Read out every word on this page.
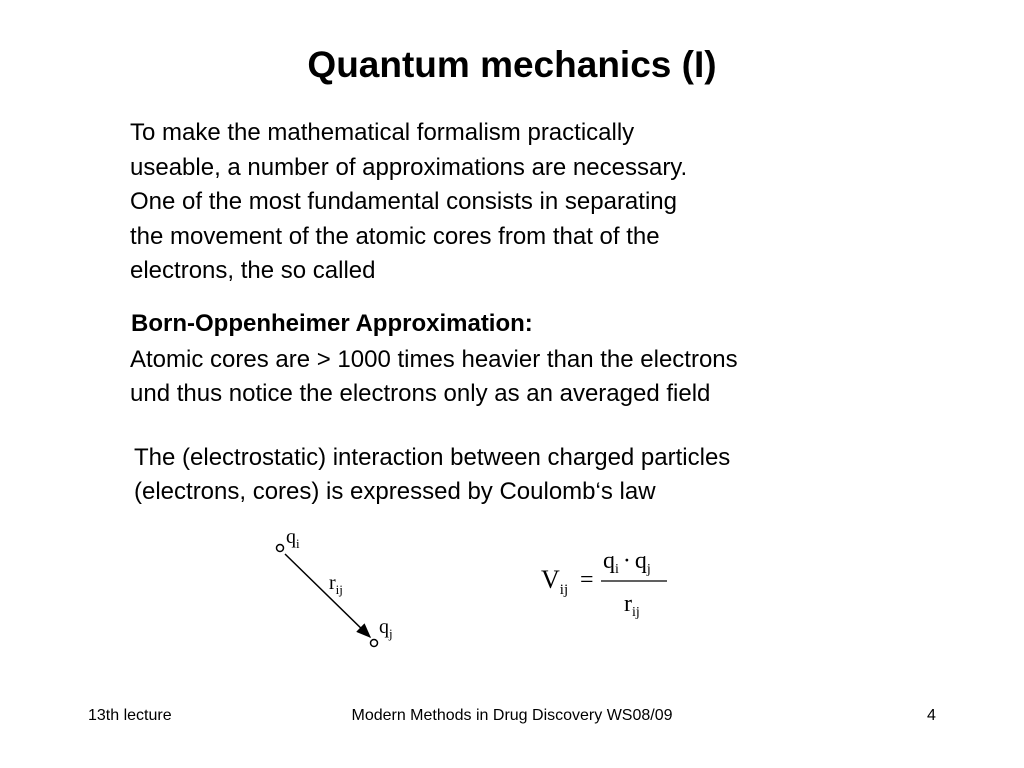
Quantum mechanics (I)
To make the mathematical formalism practically
useable, a number of approximations are necessary.
One of the most fundamental consists in separating
the movement of the atomic cores from that of the
electrons, the so called
Born-Oppenheimer Approximation:
Atomic cores are > 1000 times heavier than the electrons
und thus notice the electrons only as an averaged field
The (electrostatic) interaction between charged particles
(electrons, cores) is expressed by Coulomb‘s law
$q_i$
$r_{ij}$
$q_j$
$V_{ij}$ =
$q_i \cdot q_j$
$r_{ij}$
13th lecture	Modern Methods in Drug Discovery WS08/09	4
